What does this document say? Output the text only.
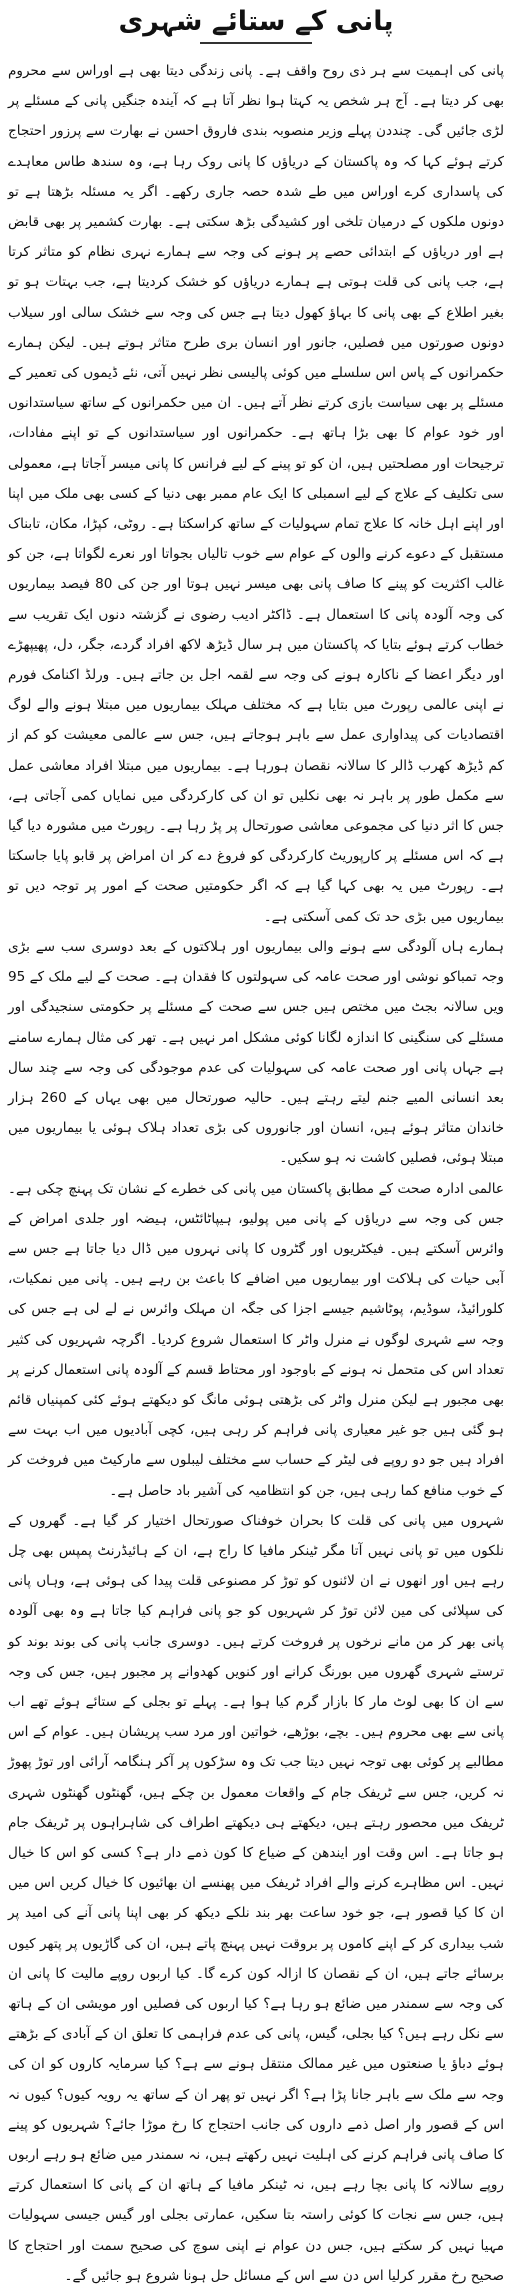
پانی کے ستائے شہری

پانی کی اہمیت سے ہر ذی روح واقف ہے۔ پانی زندگی دیتا بھی ہے اوراس سے محروم بھی کر دیتا ہے۔ آج ہر شخص یہ کہتا ہوا نظر آتا ہے کہ آیندہ جنگیں پانی کے مسئلے پر لڑی جائیں گی۔ چنددن پہلے وزیر منصوبہ بندی فاروق احسن نے بھارت سے پرزور احتجاج کرتے ہوئے کہا کہ وہ پاکستان کے دریاؤں کا پانی روک رہا ہے، وہ سندھ طاس معاہدے کی پاسداری کرے اوراس میں طے شدہ حصہ جاری رکھے۔ اگر یہ مسئلہ بڑھتا ہے تو دونوں ملکوں کے درمیان تلخی اور کشیدگی بڑھ سکتی ہے۔ بھارت کشمیر پر بھی قابض ہے اور دریاؤں کے ابتدائی حصے پر ہونے کی وجہ سے ہمارے نہری نظام کو متاثر کرتا ہے، جب پانی کی قلت ہوتی ہے ہمارے دریاؤں کو خشک کردیتا ہے، جب بہتات ہو تو بغیر اطلاع کے بھی پانی کا بہاؤ کھول دیتا ہے جس کی وجہ سے خشک سالی اور سیلاب دونوں صورتوں میں فصلیں، جانور اور انسان بری طرح متاثر ہوتے ہیں۔ لیکن ہمارے حکمرانوں کے پاس اس سلسلے میں کوئی پالیسی نظر نہیں آتی، نئے ڈیموں کی تعمیر کے مسئلے پر بھی سیاست بازی کرتے نظر آتے ہیں۔ ان میں حکمرانوں کے ساتھ سیاستدانوں اور خود عوام کا بھی بڑا ہاتھ ہے۔ حکمرانوں اور سیاستدانوں کے تو اپنے مفادات، ترجیحات اور مصلحتیں ہیں، ان کو تو پینے کے لیے فرانس کا پانی میسر آجاتا ہے، معمولی سی تکلیف کے علاج کے لیے اسمبلی کا ایک عام ممبر بھی دنیا کے کسی بھی ملک میں اپنا اور اپنے اہل خانہ کا علاج تمام سہولیات کے ساتھ کراسکتا ہے۔ روٹی، کپڑا، مکان، تابناک مستقبل کے دعوے کرنے والوں کے عوام سے خوب تالیاں بجواتا اور نعرے لگواتا ہے، جن کو غالب اکثریت کو پینے کا صاف پانی بھی میسر نہیں ہوتا اور جن کی 80 فیصد بیماریوں کی وجہ آلودہ پانی کا استعمال ہے۔ ڈاکٹر ادیب رضوی نے گزشتہ دنوں ایک تقریب سے خطاب کرتے ہوئے بتایا کہ پاکستان میں ہر سال ڈیڑھ لاکھ افراد گردے، جگر، دل، پھیپھڑے اور دیگر اعضا کے ناکارہ ہونے کی وجہ سے لقمہ اجل بن جاتے ہیں۔ ورلڈ اکنامک فورم نے اپنی عالمی رپورٹ میں بتایا ہے کہ مختلف مہلک بیماریوں میں مبتلا ہونے والے لوگ اقتصادیات کی پیداواری عمل سے باہر ہوجاتے ہیں، جس سے عالمی معیشت کو کم از کم ڈیڑھ کھرب ڈالر کا سالانہ نقصان ہورہا ہے۔ بیماریوں میں مبتلا افراد معاشی عمل سے مکمل طور پر باہر نہ بھی نکلیں تو ان کی کارکردگی میں نمایاں کمی آجاتی ہے، جس کا اثر دنیا کی مجموعی معاشی صورتحال پر پڑ رہا ہے۔ رپورٹ میں مشورہ دیا گیا ہے کہ اس مسئلے پر کارپوریٹ کارکردگی کو فروغ دے کر ان امراض پر قابو پایا جاسکتا ہے۔ رپورٹ میں یہ بھی کہا گیا ہے کہ اگر حکومتیں صحت کے امور پر توجہ دیں تو بیماریوں میں بڑی حد تک کمی آسکتی ہے۔

ہمارے ہاں آلودگی سے ہونے والی بیماریوں اور ہلاکتوں کے بعد دوسری سب سے بڑی وجہ تمباکو نوشی اور صحت عامہ کی سہولتوں کا فقدان ہے۔ صحت کے لیے ملک کے 95 ویں سالانہ بجٹ میں مختص ہیں جس سے صحت کے مسئلے پر حکومتی سنجیدگی اور مسئلے کی سنگینی کا اندازہ لگانا کوئی مشکل امر نہیں ہے۔ تھر کی مثال ہمارے سامنے ہے جہاں پانی اور صحت عامہ کی سہولیات کی عدم موجودگی کی وجہ سے چند سال بعد انسانی المیے جنم لیتے رہتے ہیں۔ حالیہ صورتحال میں بھی یہاں کے 260 ہزار خاندان متاثر ہوئے ہیں، انسان اور جانوروں کی بڑی تعداد ہلاک ہوئی یا بیماریوں میں مبتلا ہوئی، فصلیں کاشت نہ ہو سکیں۔

عالمی ادارہ صحت کے مطابق پاکستان میں پانی کی خطرے کے نشان تک پہنچ چکی ہے۔ جس کی وجہ سے دریاؤں کے پانی میں پولیو، ہیپاٹائٹس، ہیضہ اور جلدی امراض کے وائرس آسکتے ہیں۔ فیکٹریوں اور گٹروں کا پانی نہروں میں ڈال دیا جاتا ہے جس سے آبی حیات کی ہلاکت اور بیماریوں میں اضافے کا باعث بن رہے ہیں۔ پانی میں نمکیات، کلورائیڈ، سوڈیم، پوٹاشیم جیسے اجزا کی جگہ ان مہلک وائرس نے لے لی ہے جس کی وجہ سے شہری لوگوں نے منرل واٹر کا استعمال شروع کردیا۔ اگرچہ شہریوں کی کثیر تعداد اس کی متحمل نہ ہونے کے باوجود اور محتاط قسم کے آلودہ پانی استعمال کرنے پر بھی مجبور ہے لیکن منرل واٹر کی بڑھتی ہوئی مانگ کو دیکھتے ہوئے کئی کمپنیاں قائم ہو گئی ہیں جو غیر معیاری پانی فراہم کر رہی ہیں، کچی آبادیوں میں اب بہت سے افراد ہیں جو دو روپے فی لیٹر کے حساب سے مختلف لیبلوں سے مارکیٹ میں فروخت کر کے خوب منافع کما رہی ہیں، جن کو انتظامیہ کی آشیر باد حاصل ہے۔

شہروں میں پانی کی قلت کا بحران خوفناک صورتحال اختیار کر گیا ہے۔ گھروں کے نلکوں میں تو پانی نہیں آتا مگر ٹینکر مافیا کا راج ہے، ان کے ہائیڈرنٹ پمپس بھی چل رہے ہیں اور انھوں نے ان لائنوں کو توڑ کر مصنوعی قلت پیدا کی ہوئی ہے، وہاں پانی کی سپلائی کی مین لائن توڑ کر شہریوں کو جو پانی فراہم کیا جاتا ہے وہ بھی آلودہ پانی بھر کر من مانے نرخوں پر فروخت کرتے ہیں۔ دوسری جانب پانی کی بوند بوند کو ترستے شہری گھروں میں بورنگ کرانے اور کنویں کھدوانے پر مجبور ہیں، جس کی وجہ سے ان کا بھی لوٹ مار کا بازار گرم کیا ہوا ہے۔ پہلے تو بجلی کے ستائے ہوئے تھے اب پانی سے بھی محروم ہیں۔ بچے، بوڑھے، خواتین اور مرد سب پریشان ہیں۔ عوام کے اس مطالبے پر کوئی بھی توجہ نہیں دیتا جب تک وہ سڑکوں پر آکر ہنگامہ آرائی اور توڑ پھوڑ نہ کریں، جس سے ٹریفک جام کے واقعات معمول بن چکے ہیں، گھنٹوں گھنٹوں شہری ٹریفک میں محصور رہتے ہیں، دیکھتے ہی دیکھتے اطراف کی شاہراہوں پر ٹریفک جام ہو جاتا ہے۔ اس وقت اور ایندھن کے ضیاع کا کون ذمے دار ہے؟ کسی کو اس کا خیال نہیں۔ اس مظاہرے کرنے والے افراد ٹریفک میں پھنسے ان بھائیوں کا خیال کریں اس میں ان کا کیا قصور ہے، جو خود ساعت بھر بند نلکے دیکھ کر بھی اپنا پانی آنے کی امید پر شب بیداری کر کے اپنے کاموں پر بروقت نہیں پہنچ پاتے ہیں، ان کی گاڑیوں پر پتھر کیوں برسائے جاتے ہیں، ان کے نقصان کا ازالہ کون کرے گا۔ کیا اربوں روپے مالیت کا پانی ان کی وجہ سے سمندر میں ضائع ہو رہا ہے؟ کیا اربوں کی فصلیں اور مویشی ان کے ہاتھ سے نکل رہے ہیں؟ کیا بجلی، گیس، پانی کی عدم فراہمی کا تعلق ان کے آبادی کے بڑھتے ہوئے دباؤ یا صنعتوں میں غیر ممالک منتقل ہونے سے ہے؟ کیا سرمایہ کاروں کو ان کی وجہ سے ملک سے باہر جانا پڑا ہے؟ اگر نہیں تو پھر ان کے ساتھ یہ رویہ کیوں؟ کیوں نہ اس کے قصور وار اصل ذمے داروں کی جانب احتجاج کا رخ موڑا جائے؟ شہریوں کو پینے کا صاف پانی فراہم کرنے کی اہلیت نہیں رکھتے ہیں، نہ سمندر میں ضائع ہو رہے اربوں روپے سالانہ کا پانی بچا رہے ہیں، نہ ٹینکر مافیا کے ہاتھ ان کے پانی کا استعمال کرتے ہیں، جس سے نجات کا کوئی راستہ بتا سکیں، عمارتی بجلی اور گیس جیسی سہولیات مہیا نہیں کر سکتے ہیں، جس دن عوام نے اپنی سوچ کی صحیح سمت اور احتجاج کا صحیح رخ مقرر کرلیا اس دن سے اس کے مسائل حل ہونا شروع ہو جائیں گے۔
